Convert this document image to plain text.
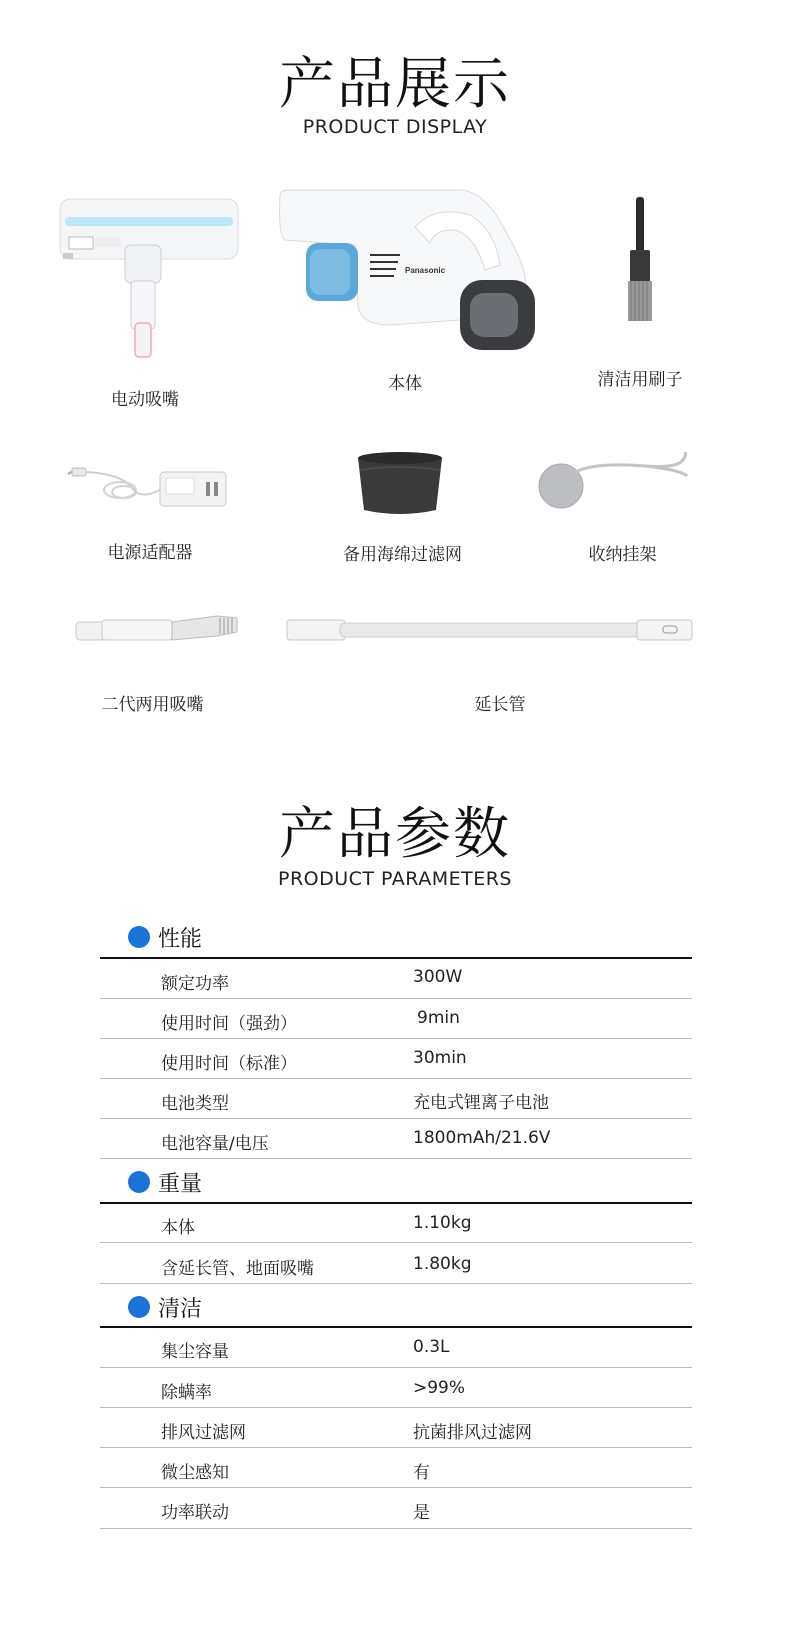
产品展示
PRODUCT DISPLAY
电动吸嘴
Panasonic
本体	清洁用刷子
电源适配器	备用海绵过滤网	收纳挂架
二代两用吸嘴	延长管
产品参数
PRODUCT PARAMETERS
性能
额定功率	300W
使用时间（强劲）	9min
使用时间（标准）	30min
电池类型	充电式锂离子电池
电池容量/电压	1800mAh/21.6V
重量
本体	1.10kg
含延长管、地面吸嘴	1.80kg
清洁
集尘容量	0.3L
除螨率	>99%
排风过滤网	抗菌排风过滤网
微尘感知	有
功率联动	是
